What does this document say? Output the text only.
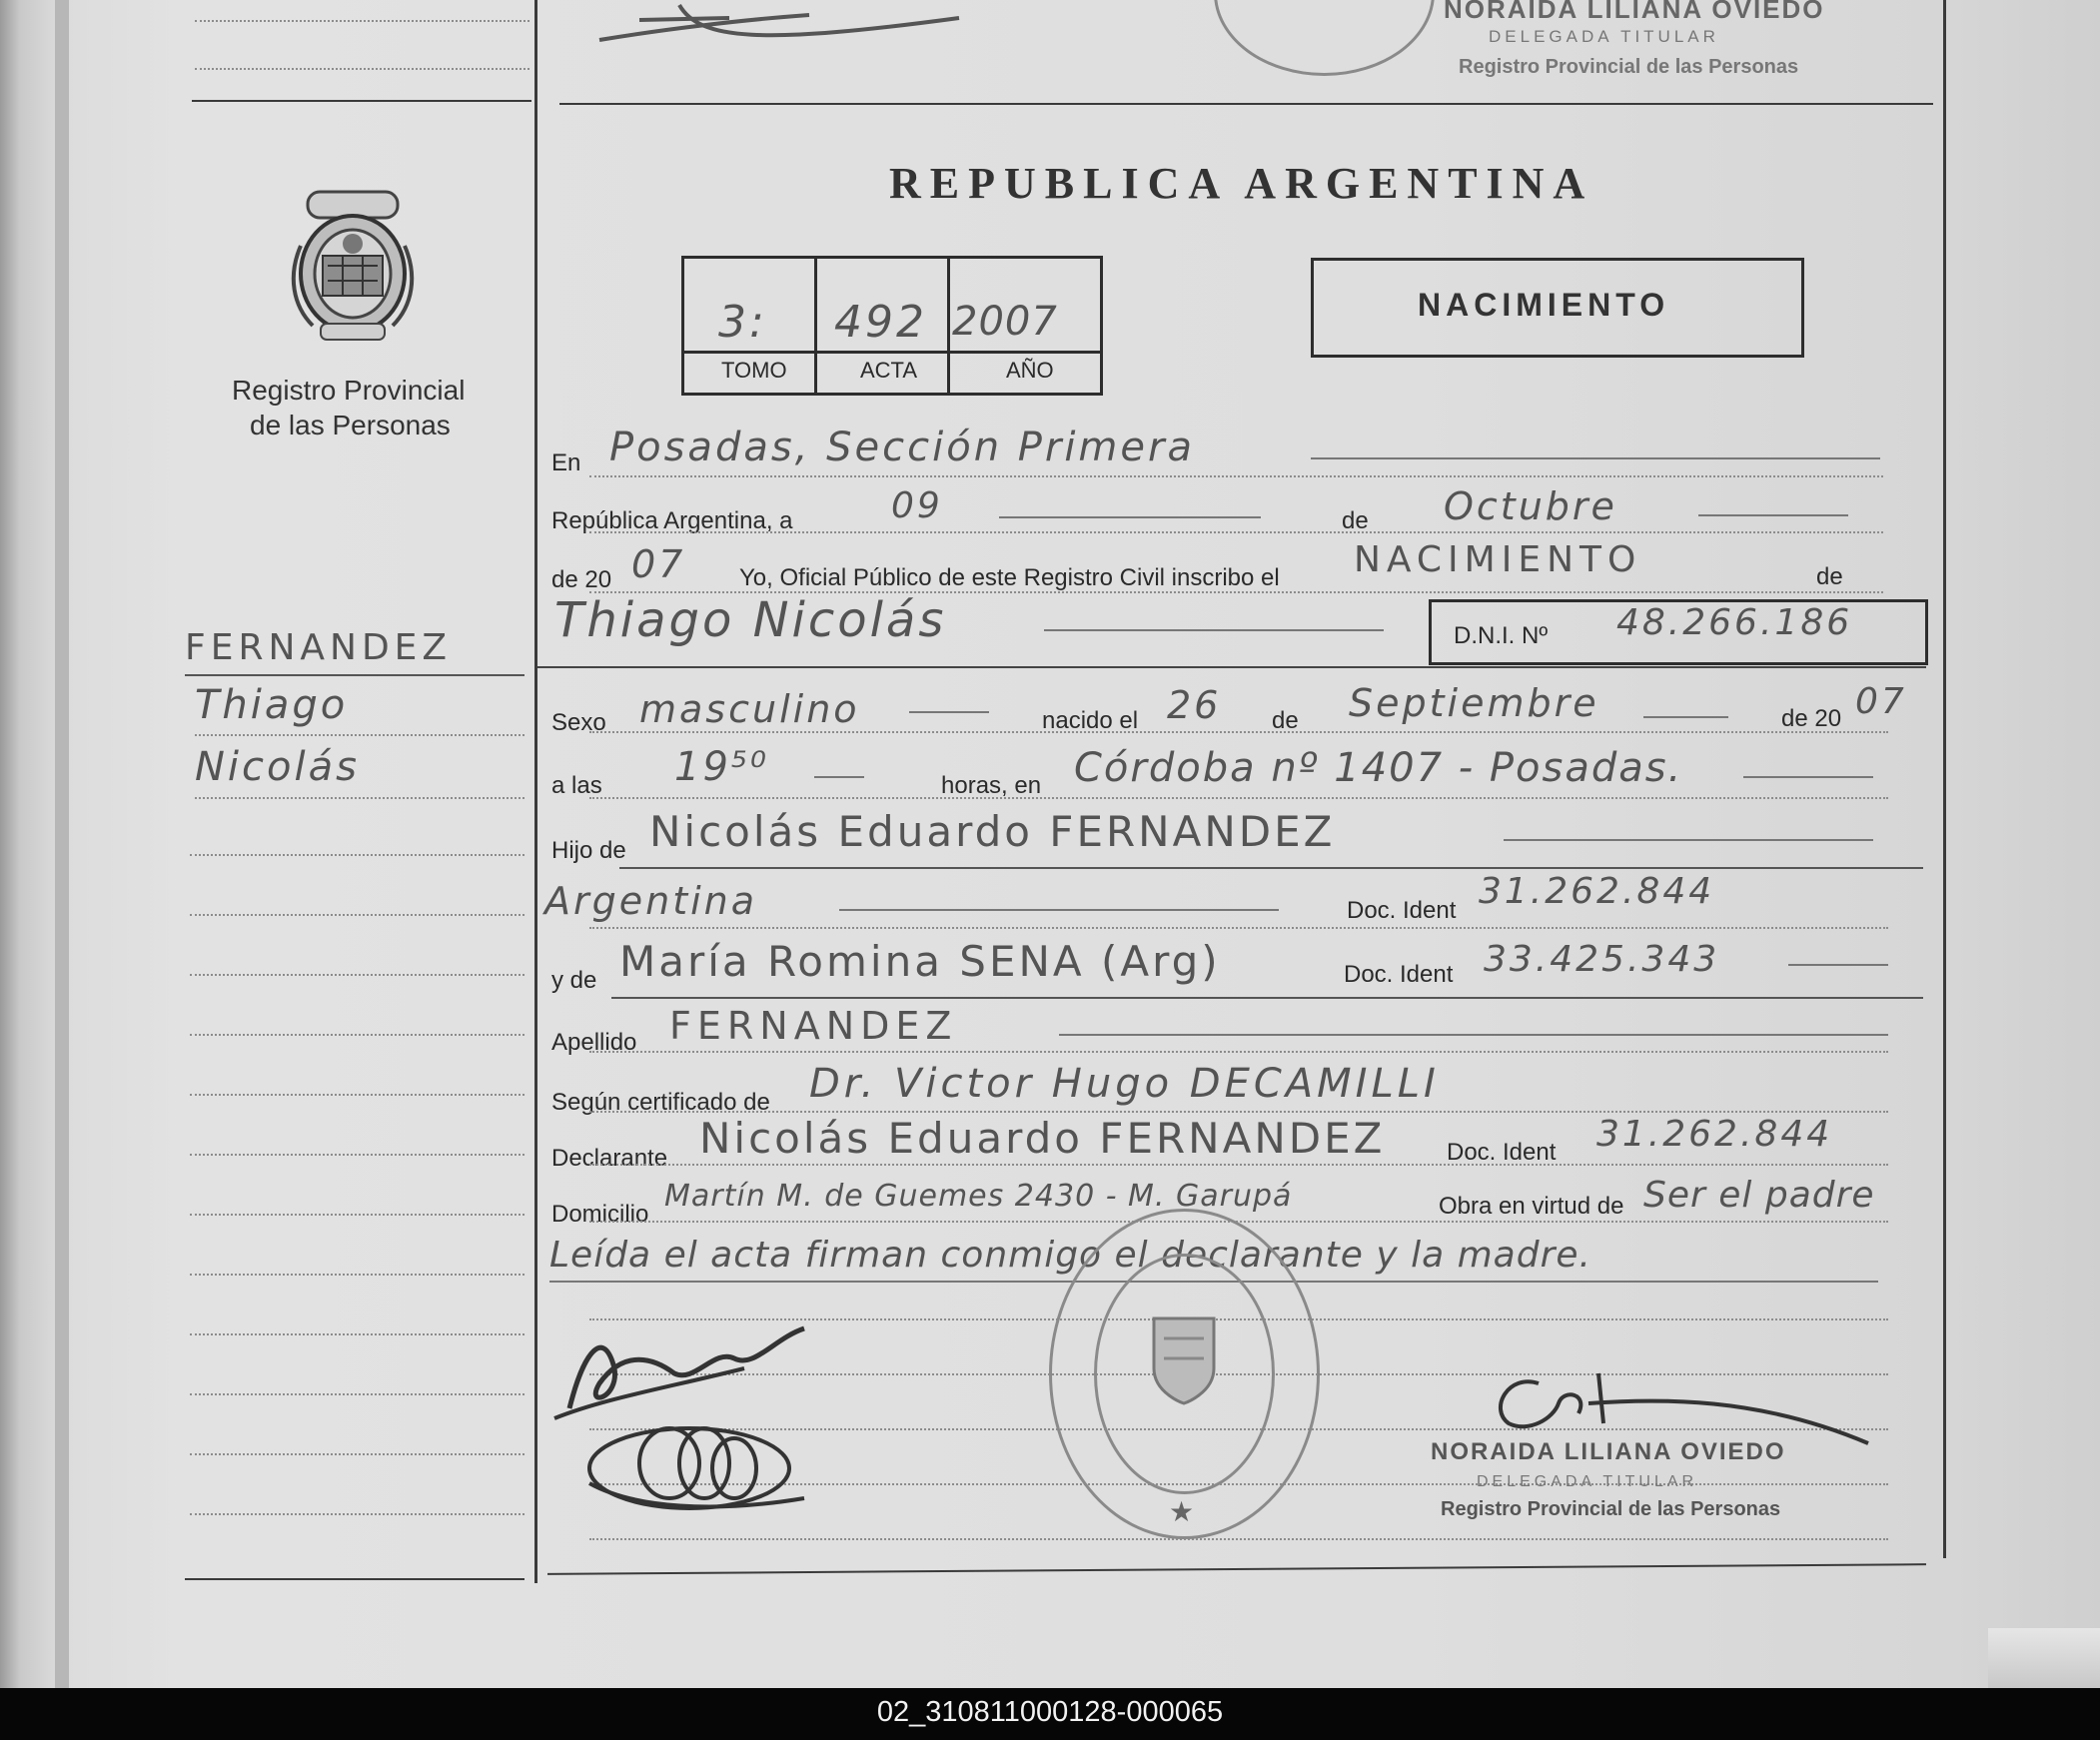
NORAIDA LILIANA OVIEDO
DELEGADA TITULAR
Registro Provincial de las Personas
Registro Provincial
de las Personas
FERNANDEZ
Thiago
Nicolás
REPUBLICA ARGENTINA
3: 492 2007
TOMO	ACTA	AÑO
NACIMIENTO
En Posadas, Sección Primera
República Argentina, a	09	de Octubre
de 20 07 Yo, Oficial Público de este Registro Civil inscribo el NACIMIENTO	de
Thiago Nicolás	D.N.I. Nº 48.266.186
Sexo masculino	nacido el 26 de Septiembre	de 20 07
a las 19⁵⁰	horas, en Córdoba nº 1407 - Posadas.
Hijo de Nicolás Eduardo FERNANDEZ
Argentina	Doc. Ident 31.262.844
y de María Romina SENA (Arg)	Doc. Ident 33.425.343
Apellido FERNANDEZ
Según certificado de Dr. Victor Hugo DECAMILLI
Declarante Nicolás Eduardo FERNANDEZ	Doc. Ident 31.262.844
Domicilio
Martín M. de Guemes 2430 - M. Garupá	Obra en virtud de Ser el padre
Leída el acta firman conmigo el declarante y la madre.
★
NORAIDA LILIANA OVIEDO
DELEGADA TITULAR
Registro Provincial de las Personas
02_310811000128-000065
